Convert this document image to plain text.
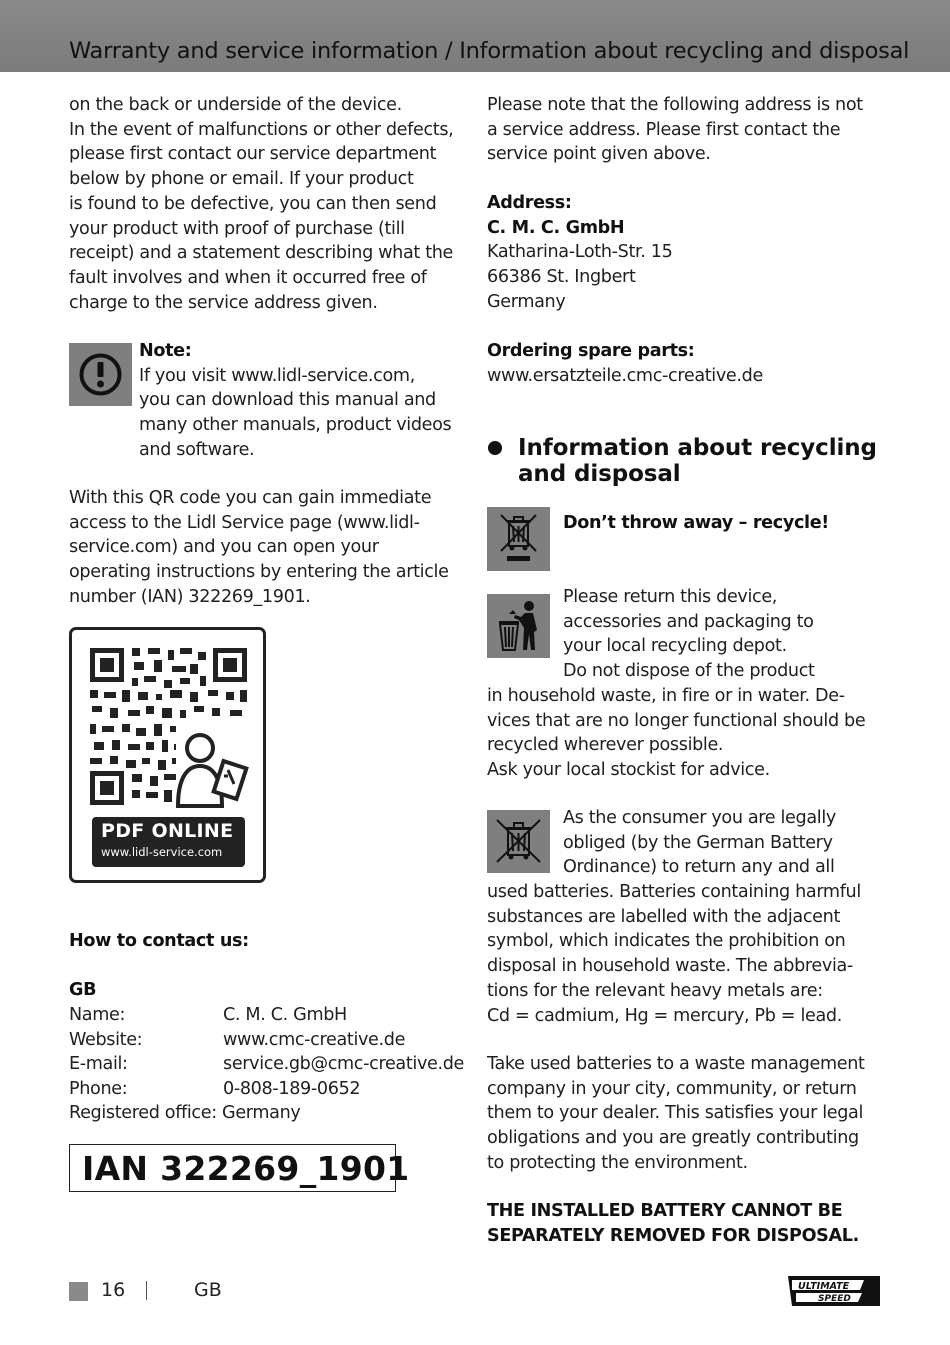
Warranty and service information / Information about recycling and disposal
on the back or underside of the device.
In the event of malfunctions or other defects,
please first contact our service department
below by phone or email. If your product
is found to be defective, you can then send
your product with proof of purchase (till
receipt) and a statement describing what the
fault involves and when it occurred free of
charge to the service address given.
Note:
If you visit www.lidl-service.com,
you can download this manual and
many other manuals, product videos
and software.
With this QR code you can gain immediate
access to the Lidl Service page (www.lidl-
service.com) and you can open your
operating instructions by entering the article
number (IAN) 322269_1901.
PDF ONLINE
www.lidl-service.com
How to contact us:
GB
Name:	C. M. C. GmbH
Website:	www.cmc-creative.de
E-mail:	service.gb@cmc-creative.de
Phone:	0-808-189-0652
Registered office: Germany
IAN 322269_1901
Please note that the following address is not
a service address. Please first contact the
service point given above.
Address:
C. M. C. GmbH
Katharina-Loth-Str. 15
66386 St. Ingbert
Germany
Ordering spare parts:
www.ersatzteile.cmc-creative.de
Information about recycling
and disposal
Don’t throw away – recycle!
Please return this device,
accessories and packaging to
your local recycling depot.
Do not dispose of the product
in household waste, in fire or in water. De-
vices that are no longer functional should be
recycled wherever possible.
Ask your local stockist for advice.
As the consumer you are legally
obliged (by the German Battery
Ordinance) to return any and all
used batteries. Batteries containing harmful
substances are labelled with the adjacent
symbol, which indicates the prohibition on
disposal in household waste. The abbrevia-
tions for the relevant heavy metals are:
Cd = cadmium, Hg = mercury, Pb = lead.
Take used batteries to a waste management
company in your city, community, or return
them to your dealer. This satisfies your legal
obligations and you are greatly contributing
to protecting the environment.
THE INSTALLED BATTERY CANNOT BE
SEPARATELY REMOVED FOR DISPOSAL.
16	GB	ULTIMATE
SPEED
